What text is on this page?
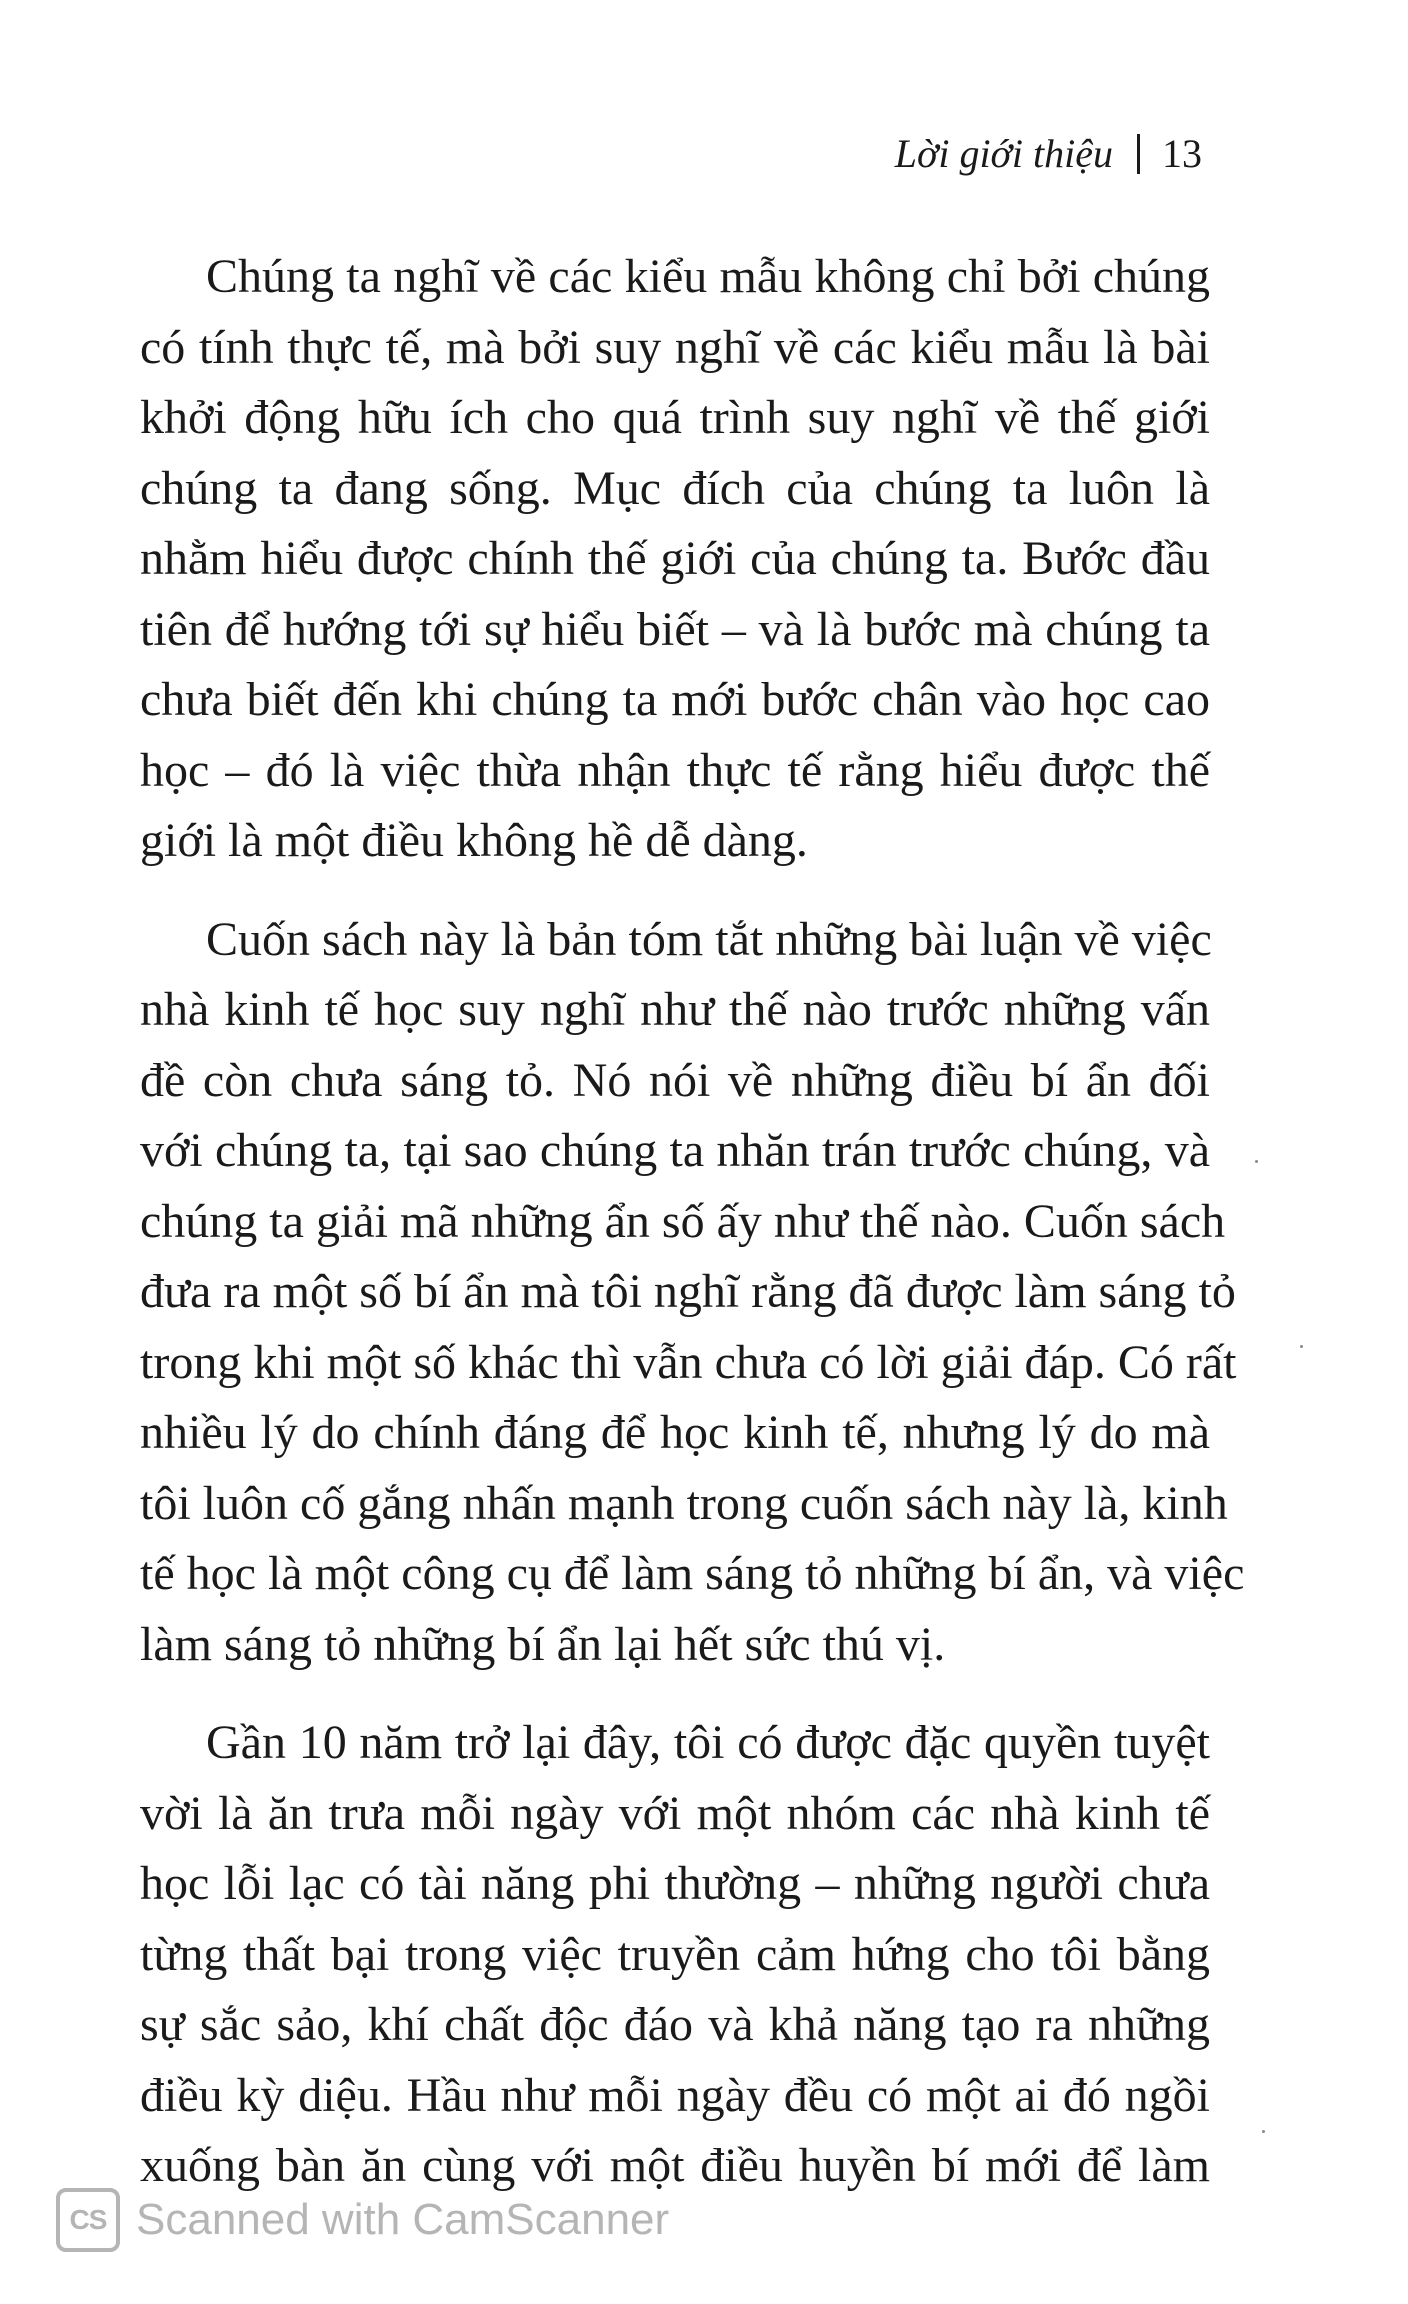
Lời giới thiệu 13
Chúng ta nghĩ về các kiểu mẫu không chỉ bởi chúng
có tính thực tế, mà bởi suy nghĩ về các kiểu mẫu là bài
khởi động hữu ích cho quá trình suy nghĩ về thế giới
chúng ta đang sống. Mục đích của chúng ta luôn là
nhằm hiểu được chính thế giới của chúng ta. Bước đầu
tiên để hướng tới sự hiểu biết – và là bước mà chúng ta
chưa biết đến khi chúng ta mới bước chân vào học cao
học – đó là việc thừa nhận thực tế rằng hiểu được thế
giới là một điều không hề dễ dàng.
Cuốn sách này là bản tóm tắt những bài luận về việc
nhà kinh tế học suy nghĩ như thế nào trước những vấn
đề còn chưa sáng tỏ. Nó nói về những điều bí ẩn đối
với chúng ta, tại sao chúng ta nhăn trán trước chúng, và
chúng ta giải mã những ẩn số ấy như thế nào. Cuốn sách
đưa ra một số bí ẩn mà tôi nghĩ rằng đã được làm sáng tỏ
trong khi một số khác thì vẫn chưa có lời giải đáp. Có rất
nhiều lý do chính đáng để học kinh tế, nhưng lý do mà
tôi luôn cố gắng nhấn mạnh trong cuốn sách này là, kinh
tế học là một công cụ để làm sáng tỏ những bí ẩn, và việc
làm sáng tỏ những bí ẩn lại hết sức thú vị.
Gần 10 năm trở lại đây, tôi có được đặc quyền tuyệt
vời là ăn trưa mỗi ngày với một nhóm các nhà kinh tế
học lỗi lạc có tài năng phi thường – những người chưa
từng thất bại trong việc truyền cảm hứng cho tôi bằng
sự sắc sảo, khí chất độc đáo và khả năng tạo ra những
điều kỳ diệu. Hầu như mỗi ngày đều có một ai đó ngồi
xuống bàn ăn cùng với một điều huyền bí mới để làm
CS Scanned with CamScanner
